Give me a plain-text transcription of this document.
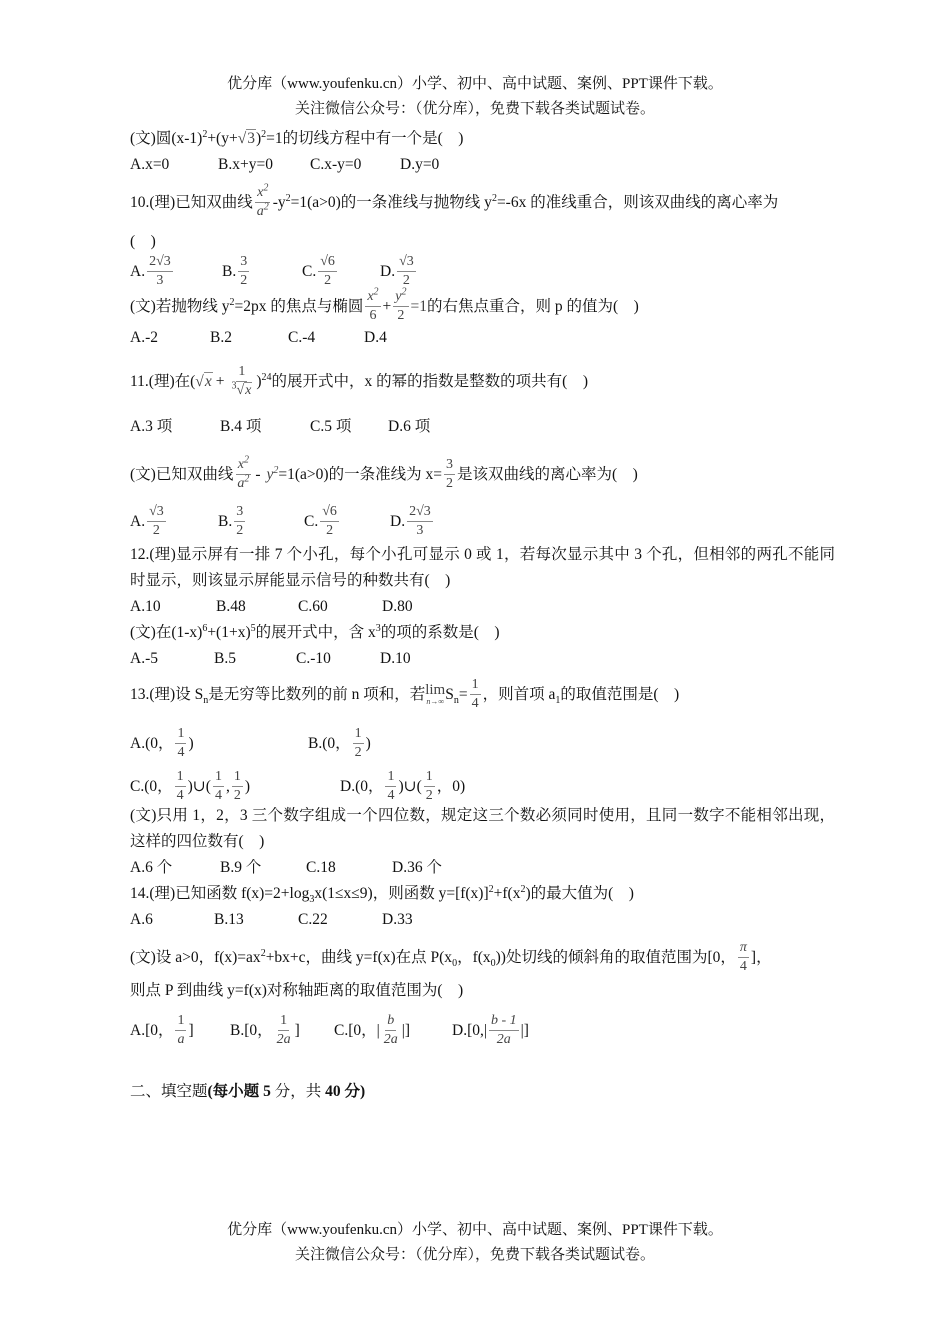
优分库（www.youfenku.cn）小学、初中、高中试题、案例、PPT课件下载。
关注微信公众号：（优分库），免费下载各类试题试卷。
(文)圆$(x-1)^2+(y+√3)^2=1$的切线方程中有一个是(　)
A.x=0	B.x+y=0	C.x-y=0	D.y=0
10.(理)已知双曲线 $\frac{x^2}{a^2} -y^2=1(a>0)$的一条准线与抛物线 $y^2=-6x$ 的准线重合，则该双曲线的离心率为
(　)
A. $\frac{2√3}{3}$	B. $\frac{3}{2}$	C. $\frac{√6}{2}$	D. $\frac{√3}{2}$
(文)若抛物线 $y^2=2px$ 的焦点与椭圆 $\frac{x^2}{6} + \frac{y^2}{2} =1$ 的右焦点重合，则 p 的值为(　)
A.-2	B.2	C.-4	D.4
11.(理)在( $√x + \frac{1}{^3√x} )^{24}$的展开式中，x 的幂的指数是整数的项共有(　)
A.3 项	B.4 项	C.5 项	D.6 项
(文)已知双曲线 $\frac{x^2}{a^2} - y^2 =1(a>0)$的一条准线为 $x= \frac{3}{2}$ 是该双曲线的离心率为(　)
A. $\frac{√3}{2}$	B. $\frac{3}{2}$	C. $\frac{√6}{2}$	D. $\frac{2√3}{3}$
12.(理)显示屏有一排 7 个小孔，每个小孔可显示 0 或 1，若每次显示其中 3 个孔，但相邻的两孔不能同时显示，则该显示屏能显示信号的种数共有(　)
A.10	B.48	C.60	D.80
(文)在$(1-x)^6+(1+x)^5$的展开式中，含 $x^3$的项的系数是(　)
A.-5	B.5	C.-10	D.10
13.(理)设 $S_n$是无穷等比数列的前 n 项和，若 lim
n→∞ $S_n= \frac{1}{4}$ ，则首项 $a_1$的取值范围是(　)
A.(0， $\frac{1}{4}$ )	B.(0， $\frac{1}{2}$ )
C.(0， $\frac{1}{4}$ )∪( $\frac{1}{4}$ , $\frac{1}{2}$ )	D.(0， $\frac{1}{4}$ )∪( $\frac{1}{2}$ ，0)
(文)只用 1，2，3 三个数字组成一个四位数，规定这三个数必须同时使用，且同一数字不能相邻出现，这样的四位数有(　)
A.6 个	B.9 个	C.18	D.36 个
14.(理)已知函数 $f(x)=2+\log_3x(1\le x\le 9)$，则函数 $y=[f(x)]^2+f(x^2)$的最大值为(　)
A.6	B.13	C.22	D.33
(文)设 a>0，$f(x)=ax^2+bx+c$，曲线 y=f(x)在点 $P(x_0$，$f(x_0)$)处切线的倾斜角的取值范围为[0， $\frac{\pi}{4}$ ]，
则点 P 到曲线 y=f(x)对称轴距离的取值范围为(　)
A.[0， $\frac{1}{a}$ ] B.[0， $\frac{1}{2a}$ ] C.[0，| $\frac{b}{2a}$ |]	$D.[0,| \frac{b - 1}{2a}$ |]
二、填空题(每小题 5 分，共 40 分)
优分库（www.youfenku.cn）小学、初中、高中试题、案例、PPT课件下载。
关注微信公众号：（优分库），免费下载各类试题试卷。
